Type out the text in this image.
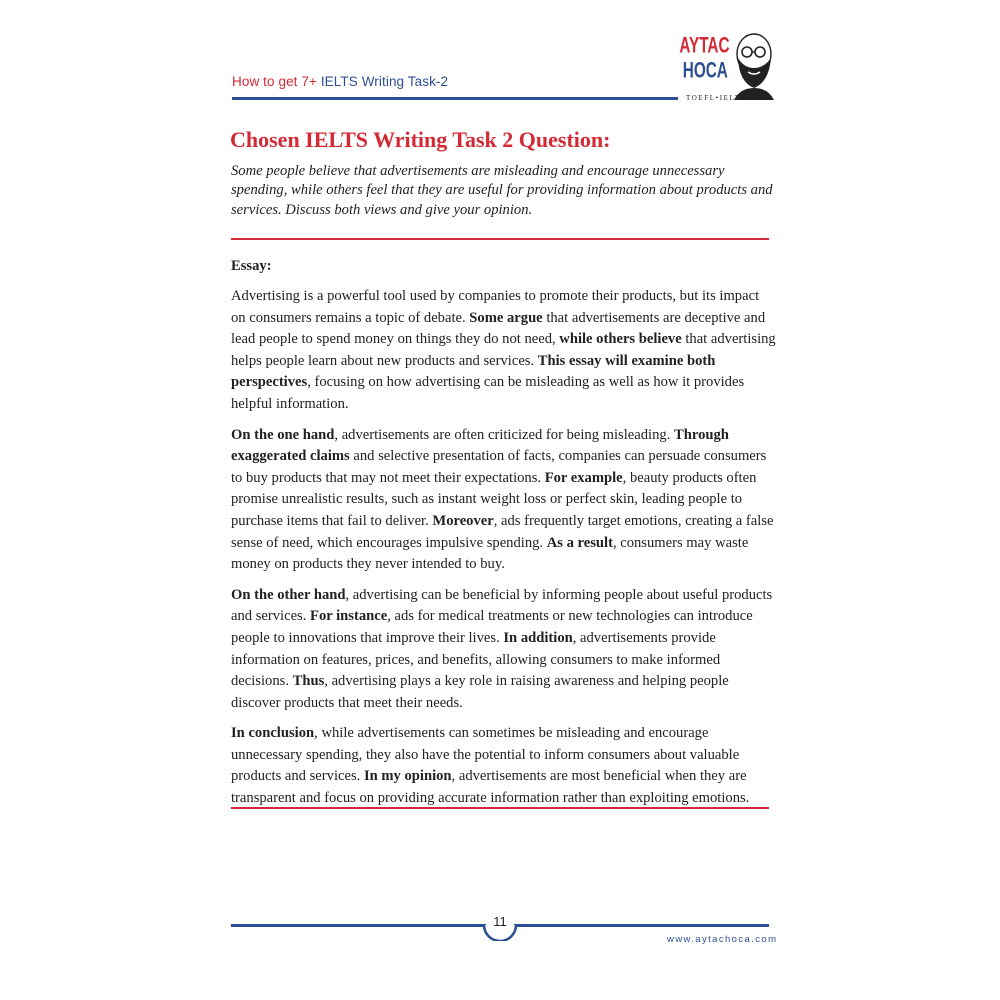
How to get 7+ IELTS Writing Task-2
AYTAC
HOCA
TOEFL•IELTS
Chosen IELTS Writing Task 2 Question:

Some people believe that advertisements are misleading and encourage unnecessary spending, while others feel that they are useful for providing information about products and services. Discuss both views and give your opinion.

Essay:

Advertising is a powerful tool used by companies to promote their products, but its impact on consumers remains a topic of debate. Some argue that advertisements are deceptive and lead people to spend money on things they do not need, while others believe that advertising helps people learn about new products and services. This essay will examine both perspectives, focusing on how advertising can be misleading as well as how it provides helpful information.

On the one hand, advertisements are often criticized for being misleading. Through exaggerated claims and selective presentation of facts, companies can persuade consumers to buy products that may not meet their expectations. For example, beauty products often promise unrealistic results, such as instant weight loss or perfect skin, leading people to purchase items that fail to deliver. Moreover, ads frequently target emotions, creating a false sense of need, which encourages impulsive spending. As a result, consumers may waste money on products they never intended to buy.

On the other hand, advertising can be beneficial by informing people about useful products and services. For instance, ads for medical treatments or new technologies can introduce people to innovations that improve their lives. In addition, advertisements provide information on features, prices, and benefits, allowing consumers to make informed decisions. Thus, advertising plays a key role in raising awareness and helping people discover products that meet their needs.

In conclusion, while advertisements can sometimes be misleading and encourage unnecessary spending, they also have the potential to inform consumers about valuable products and services. In my opinion, advertisements are most beneficial when they are transparent and focus on providing accurate information rather than exploiting emotions.

11
www.aytachoca.com
